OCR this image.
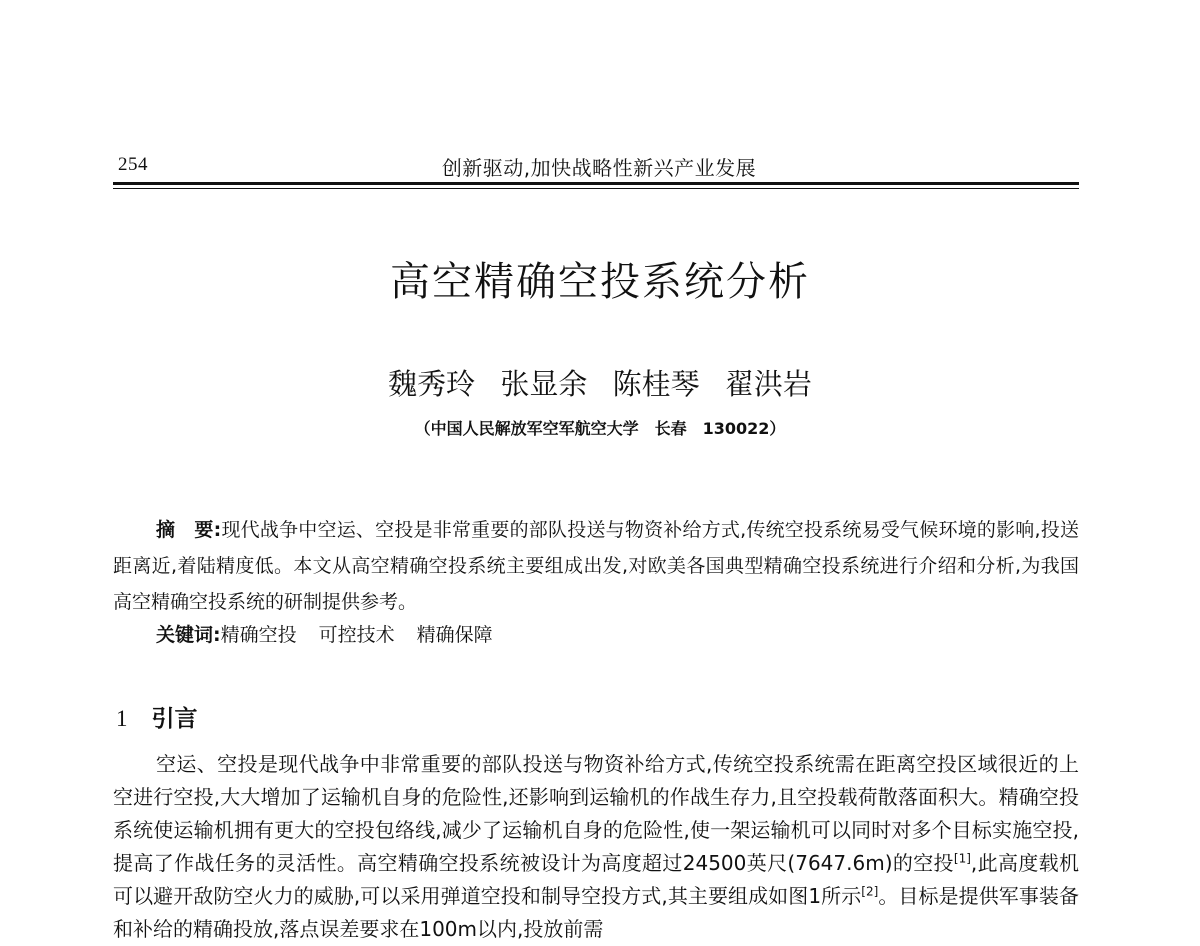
254	创新驱动,加快战略性新兴产业发展
高空精确空投系统分析
魏秀玲 张显余 陈桂琴 翟洪岩
（中国人民解放军空军航空大学　长春　130022）

摘　要:现代战争中空运、空投是非常重要的部队投送与物资补给方式,传统空投系统易受气候环境的影响,投送距离近,着陆精度低。本文从高空精确空投系统主要组成出发,对欧美各国典型精确空投系统进行介绍和分析,为我国高空精确空投系统的研制提供参考。

关键词:精确空投 可控技术 精确保障
1 引言

空运、空投是现代战争中非常重要的部队投送与物资补给方式,传统空投系统需在距离空投区域很近的上空进行空投,大大增加了运输机自身的危险性,还影响到运输机的作战生存力,且空投载荷散落面积大。精确空投系统使运输机拥有更大的空投包络线,减少了运输机自身的危险性,使一架运输机可以同时对多个目标实施空投,提高了作战任务的灵活性。高空精确空投系统被设计为高度超过24500英尺(7647.6m)的空投[1],此高度载机可以避开敌防空火力的威胁,可以采用弹道空投和制导空投方式,其主要组成如图1所示[2]。目标是提供军事装备和补给的精确投放,落点误差要求在100m以内,投放前需
